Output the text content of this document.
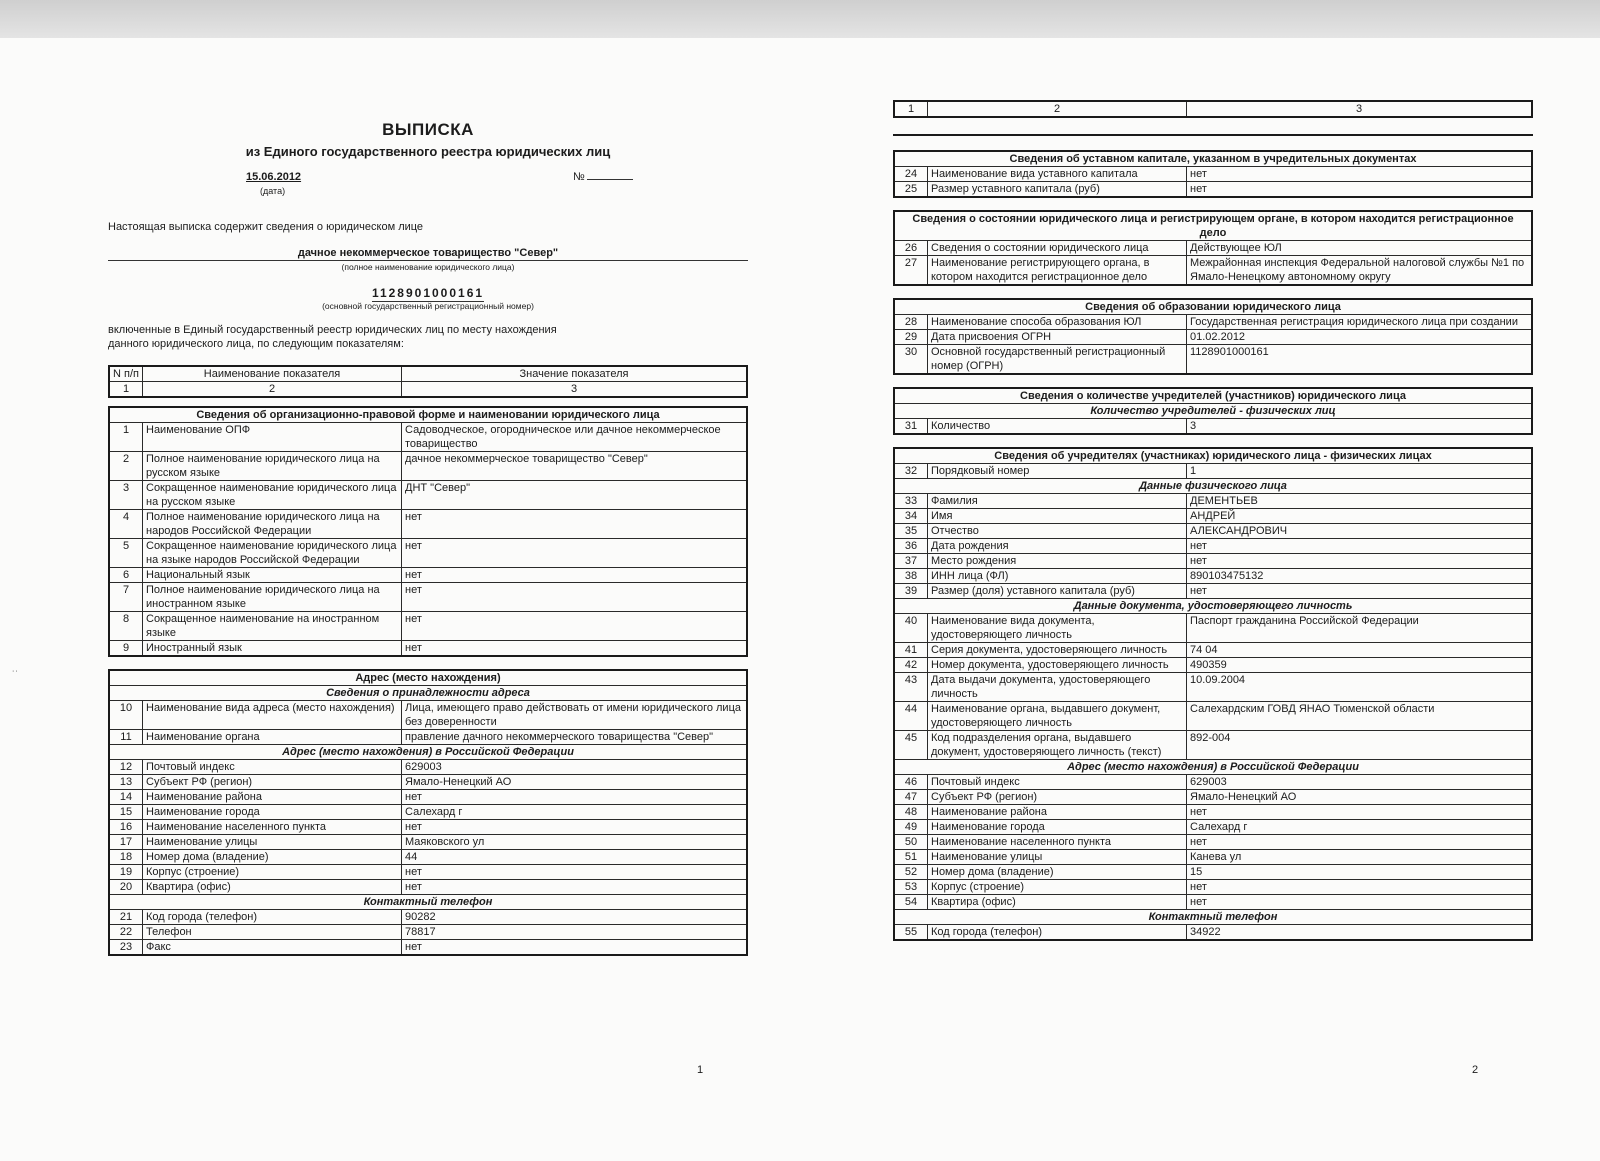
ВЫПИСКА
из Единого государственного реестра юридических лиц
15.06.2012
(дата)
№
Настоящая выписка содержит сведения о юридическом лице
дачное некоммерческое товарищество "Север"
(полное наименование юридического лица)
1128901000161
(основной государственный регистрационный номер)
включенные в Единый государственный реестр юридических лиц по месту нахождения данного юридического лица, по следующим показателям:
N п/п	Наименование показателя	Значение показателя
1	2	3
Сведения об организационно-правовой форме и наименовании юридического лица		
1	Наименование ОПФ	Садоводческое, огородническое или дачное некоммерческое товарищество
2	Полное наименование юридического лица на русском языке	дачное некоммерческое товарищество "Север"
3	Сокращенное наименование юридического лица на русском языке	ДНТ "Север"
4	Полное наименование юридического лица на народов Российской Федерации	нет
5	Сокращенное наименование юридического лица на языке народов Российской Федерации	нет
6	Национальный язык	нет
7	Полное наименование юридического лица на иностранном языке	нет
8	Сокращенное наименование на иностранном языке	нет
9	Иностранный язык	нет
Адрес (место нахождения)		
Сведения о принадлежности адреса		
10	Наименование вида адреса (место нахождения)	Лица, имеющего право действовать от имени юридического лица без доверенности
11	Наименование органа	правление дачного некоммерческого товарищества "Север"
Адрес (место нахождения) в Российской Федерации		
12	Почтовый индекс	629003
13	Субъект РФ (регион)	Ямало-Ненецкий АО
14	Наименование района	нет
15	Наименование города	Салехард г
16	Наименование населенного пункта	нет
17	Наименование улицы	Маяковского ул
18	Номер дома (владение)	44
19	Корпус (строение)	нет
20	Квартира (офис)	нет
Контактный телефон		
21	Код города (телефон)	90282
22	Телефон	78817
23	Факс	нет
1
1	2	3
Сведения об уставном капитале, указанном в учредительных документах		
24	Наименование вида уставного капитала	нет
25	Размер уставного капитала (руб)	нет
Сведения о состоянии юридического лица и регистрирующем органе, в котором находится регистрационное дело		
26	Сведения о состоянии юридического лица	Действующее ЮЛ
27	Наименование регистрирующего органа, в котором находится регистрационное дело	Межрайонная инспекция Федеральной налоговой службы №1 по Ямало-Ненецкому автономному округу
Сведения об образовании юридического лица		
28	Наименование способа образования ЮЛ	Государственная регистрация юридического лица при создании
29	Дата присвоения ОГРН	01.02.2012
30	Основной государственный регистрационный номер (ОГРН)	1128901000161
Сведения о количестве учредителей (участников) юридического лица
Количество учредителей - физических лиц
31	Количество	3
Сведения об учредителях (участниках) юридического лица - физических лицах		
32	Порядковый номер	1
Данные физического лица		
33	Фамилия	ДЕМЕНТЬЕВ
34	Имя	АНДРЕЙ
35	Отчество	АЛЕКСАНДРОВИЧ
36	Дата рождения	нет
37	Место рождения	нет
38	ИНН лица (ФЛ)	890103475132
39	Размер (доля) уставного капитала (руб)	нет
Данные документа, удостоверяющего личность		
40	Наименование вида документа, удостоверяющего личность	Паспорт гражданина Российской Федерации
41	Серия документа, удостоверяющего личность	74 04
42	Номер документа, удостоверяющего личность	490359
43	Дата выдачи документа, удостоверяющего личность	10.09.2004
44	Наименование органа, выдавшего документ, удостоверяющего личность	Салехардским ГОВД ЯНАО Тюменской области
45	Код подразделения органа, выдавшего документ, удостоверяющего личность (текст)	892-004
Адрес (место нахождения) в Российской Федерации		
46	Почтовый индекс	629003
47	Субъект РФ (регион)	Ямало-Ненецкий АО
48	Наименование района	нет
49	Наименование города	Салехард г
50	Наименование населенного пункта	нет
51	Наименование улицы	Канева ул
52	Номер дома (владение)	15
53	Корпус (строение)	нет
54	Квартира (офис)	нет
Контактный телефон		
55	Код города (телефон)	34922
2
˙˙
